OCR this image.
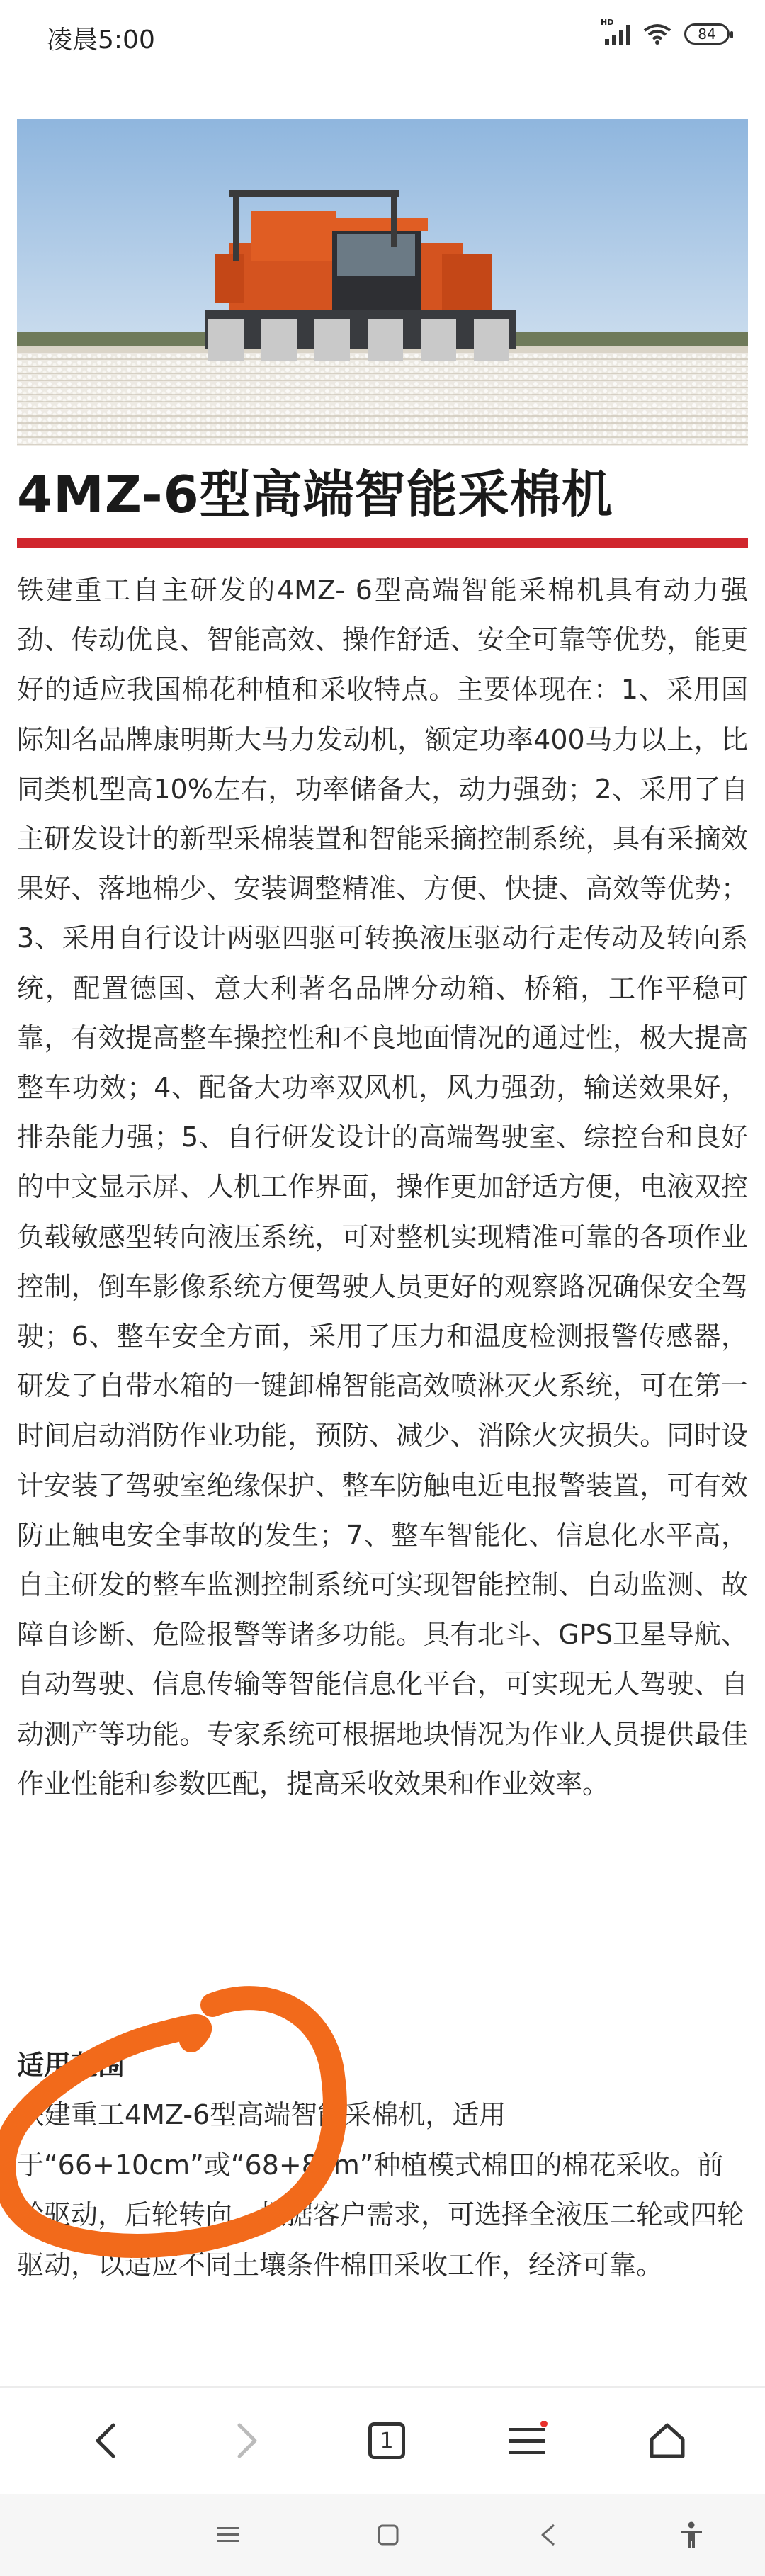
凌晨5:00
HD
84
4MZ-6型高端智能采棉机

铁建重工自主研发的4MZ- 6型高端智能采棉机具有动力强劲、传动优良、智能高效、操作舒适、安全可靠等优势，能更好的适应我国棉花种植和采收特点。主要体现在：1、采用国际知名品牌康明斯大马力发动机，额定功率400马力以上，比同类机型高10%左右，功率储备大，动力强劲；2、采用了自主研发设计的新型采棉装置和智能采摘控制系统，具有采摘效果好、落地棉少、安装调整精准、方便、快捷、高效等优势；3、采用自行设计两驱四驱可转换液压驱动行走传动及转向系统，配置德国、意大利著名品牌分动箱、桥箱，工作平稳可靠，有效提高整车操控性和不良地面情况的通过性，极大提高整车功效；4、配备大功率双风机，风力强劲，输送效果好，排杂能力强；5、自行研发设计的高端驾驶室、综控台和良好的中文显示屏、人机工作界面，操作更加舒适方便，电液双控负载敏感型转向液压系统，可对整机实现精准可靠的各项作业控制，倒车影像系统方便驾驶人员更好的观察路况确保安全驾驶；6、整车安全方面，采用了压力和温度检测报警传感器，研发了自带水箱的一键卸棉智能高效喷淋灭火系统，可在第一时间启动消防作业功能，预防、减少、消除火灾损失。同时设计安装了驾驶室绝缘保护、整车防触电近电报警装置，可有效防止触电安全事故的发生；7、整车智能化、信息化水平高，自主研发的整车监测控制系统可实现智能控制、自动监测、故障自诊断、危险报警等诸多功能。具有北斗、GPS卫星导航、自动驾驶、信息传输等智能信息化平台，可实现无人驾驶、自动测产等功能。专家系统可根据地块情况为作业人员提供最佳作业性能和参数匹配，提高采收效果和作业效率。

适用范围

铁建重工4MZ-6型高端智能采棉机，适用

于“66+10cm”或“68+8cm”种植模式棉田的棉花采收。前轮驱动，后轮转向，根据客户需求，可选择全液压二轮或四轮驱动，以适应不同土壤条件棉田采收工作，经济可靠。

1
